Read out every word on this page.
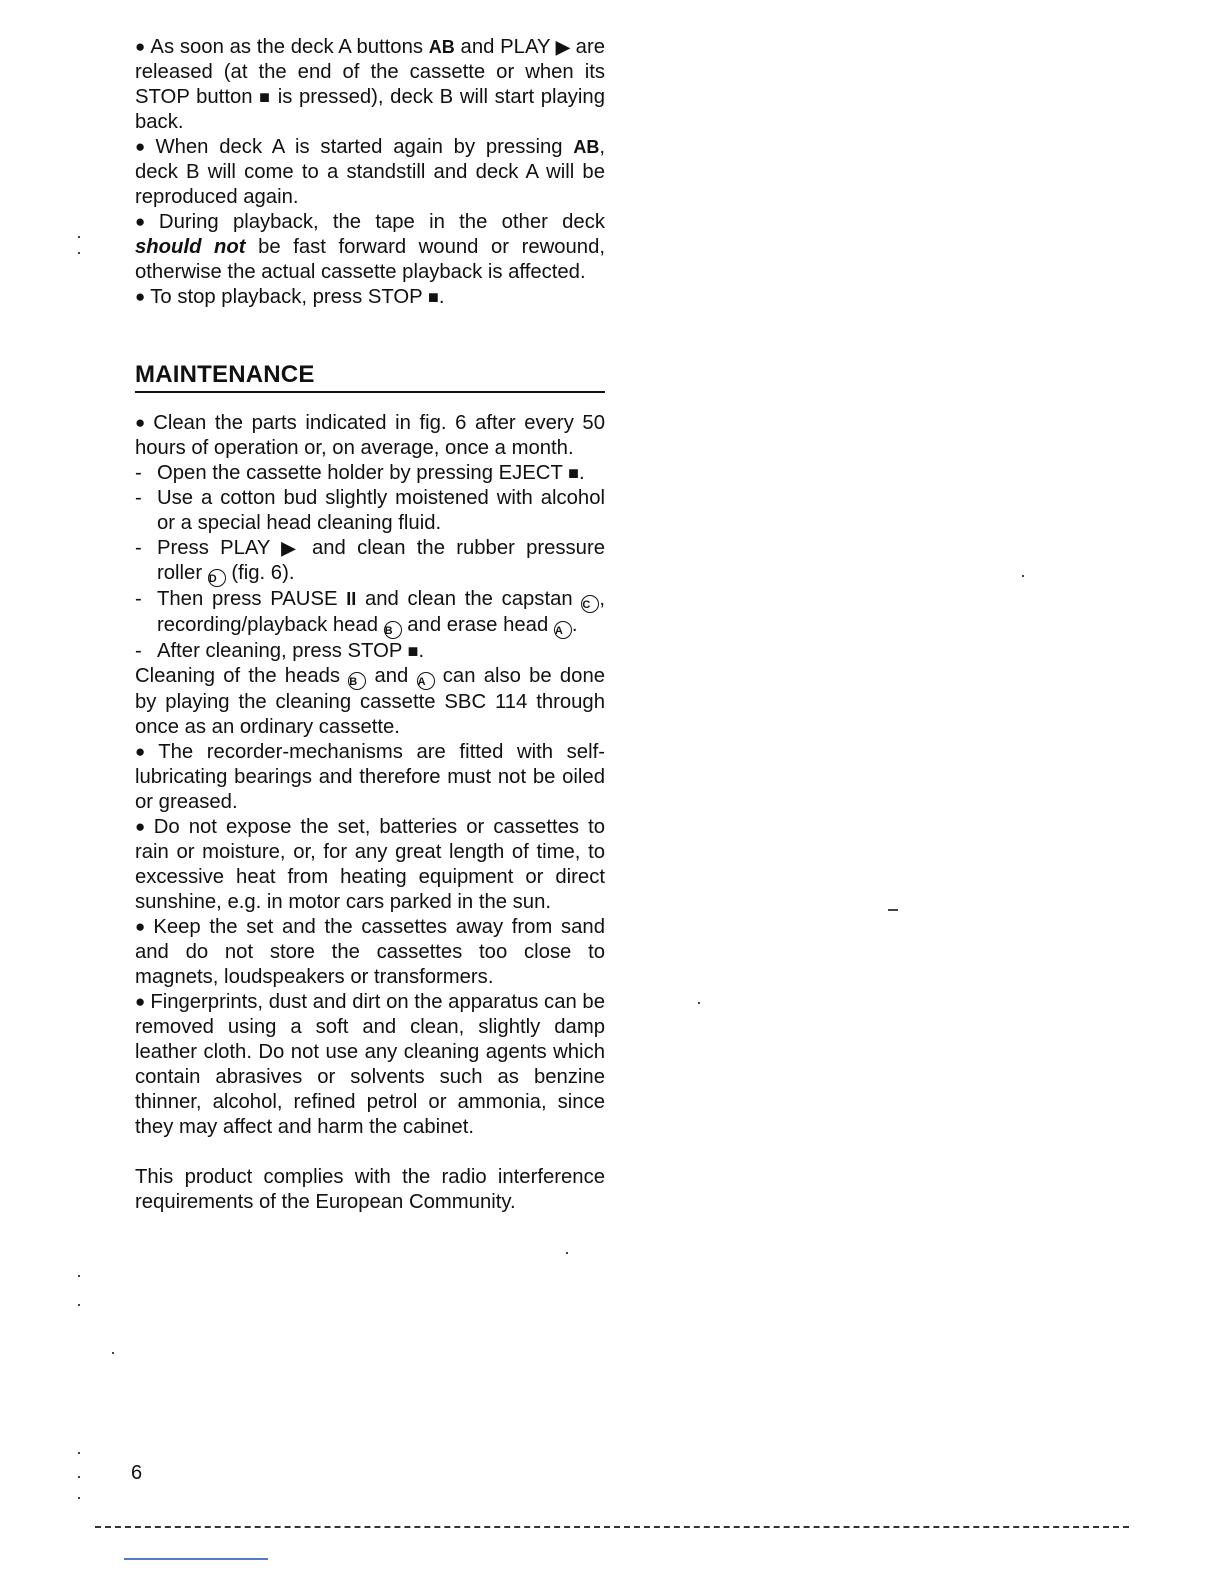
● As soon as the deck A buttons AB and PLAY ▶ are released (at the end of the cassette or when its STOP button ■ is pressed), deck B will start playing back.

● When deck A is started again by pressing AB, deck B will come to a standstill and deck A will be reproduced again.

● During playback, the tape in the other deck should not be fast forward wound or rewound, otherwise the actual cassette playback is affected.

● To stop playback, press STOP ■.

MAINTENANCE

● Clean the parts indicated in fig. 6 after every 50 hours of operation or, on average, once a month.

- Open the cassette holder by pressing EJECT ■.
- Use a cotton bud slightly moistened with alcohol or a special head cleaning fluid.
- Press PLAY ▶ and clean the rubber pressure roller D (fig. 6).
- Then press PAUSE II and clean the capstan C , recording/playback head B and erase head A .
- After cleaning, press STOP ■.

Cleaning of the heads B and A can also be done by playing the cleaning cassette SBC 114 through once as an ordinary cassette.

● The recorder-mechanisms are fitted with self-lubricating bearings and therefore must not be oiled or greased.

● Do not expose the set, batteries or cassettes to rain or moisture, or, for any great length of time, to excessive heat from heating equipment or direct sunshine, e.g. in motor cars parked in the sun.

● Keep the set and the cassettes away from sand and do not store the cassettes too close to magnets, loudspeakers or transformers.

● Fingerprints, dust and dirt on the apparatus can be removed using a soft and clean, slightly damp leather cloth. Do not use any cleaning agents which contain abrasives or solvents such as benzine thinner, alcohol, refined petrol or ammonia, since they may affect and harm the cabinet.

This product complies with the radio interference requirements of the European Community.

6
